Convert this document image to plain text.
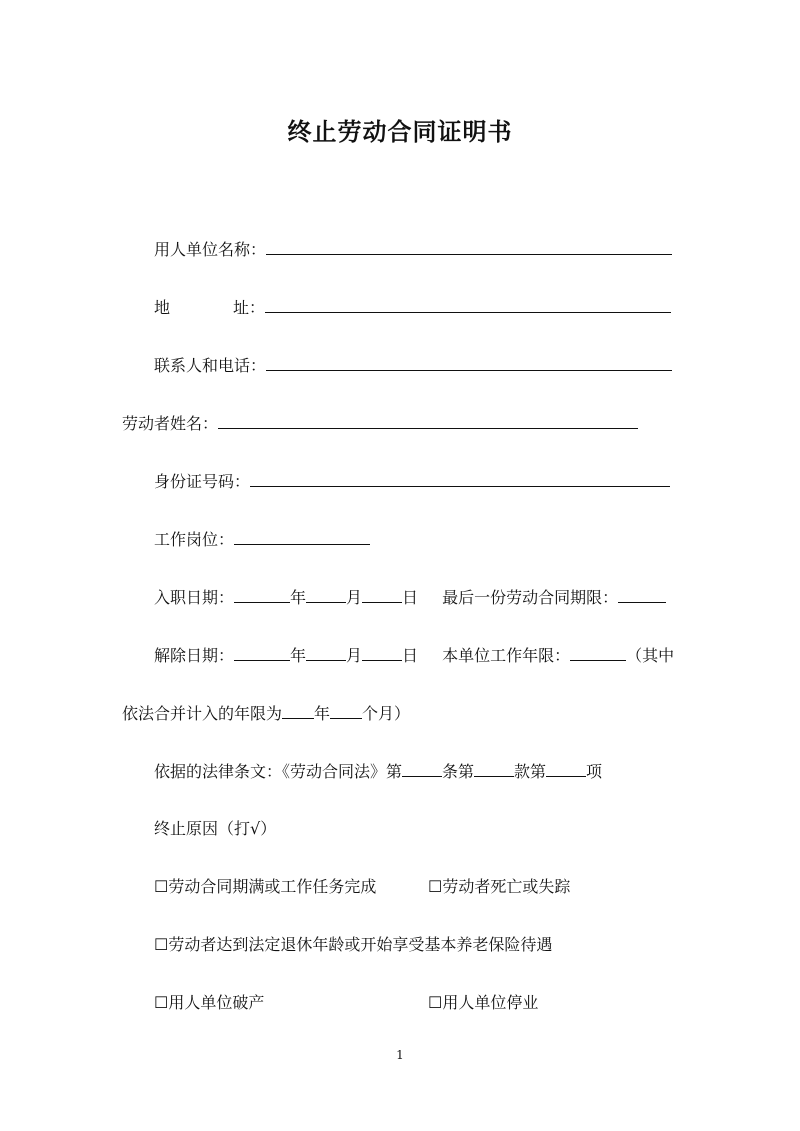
终止劳动合同证明书
用人单位名称：
地	址：
联系人和电话：
劳动者姓名：
身份证号码：
工作岗位：
入职日期：	年	月	日 最后一份劳动合同期限：
解除日期：	年	月	日 本单位工作年限：	（其中
依法合并计入的年限为 年 个月）
依据的法律条文：《劳动合同法》第	条第	款第	项
终止原因（打√）
☐劳动合同期满或工作任务完成	☐劳动者死亡或失踪
☐劳动者达到法定退休年龄或开始享受基本养老保险待遇
☐用人单位破产	☐用人单位停业
1
